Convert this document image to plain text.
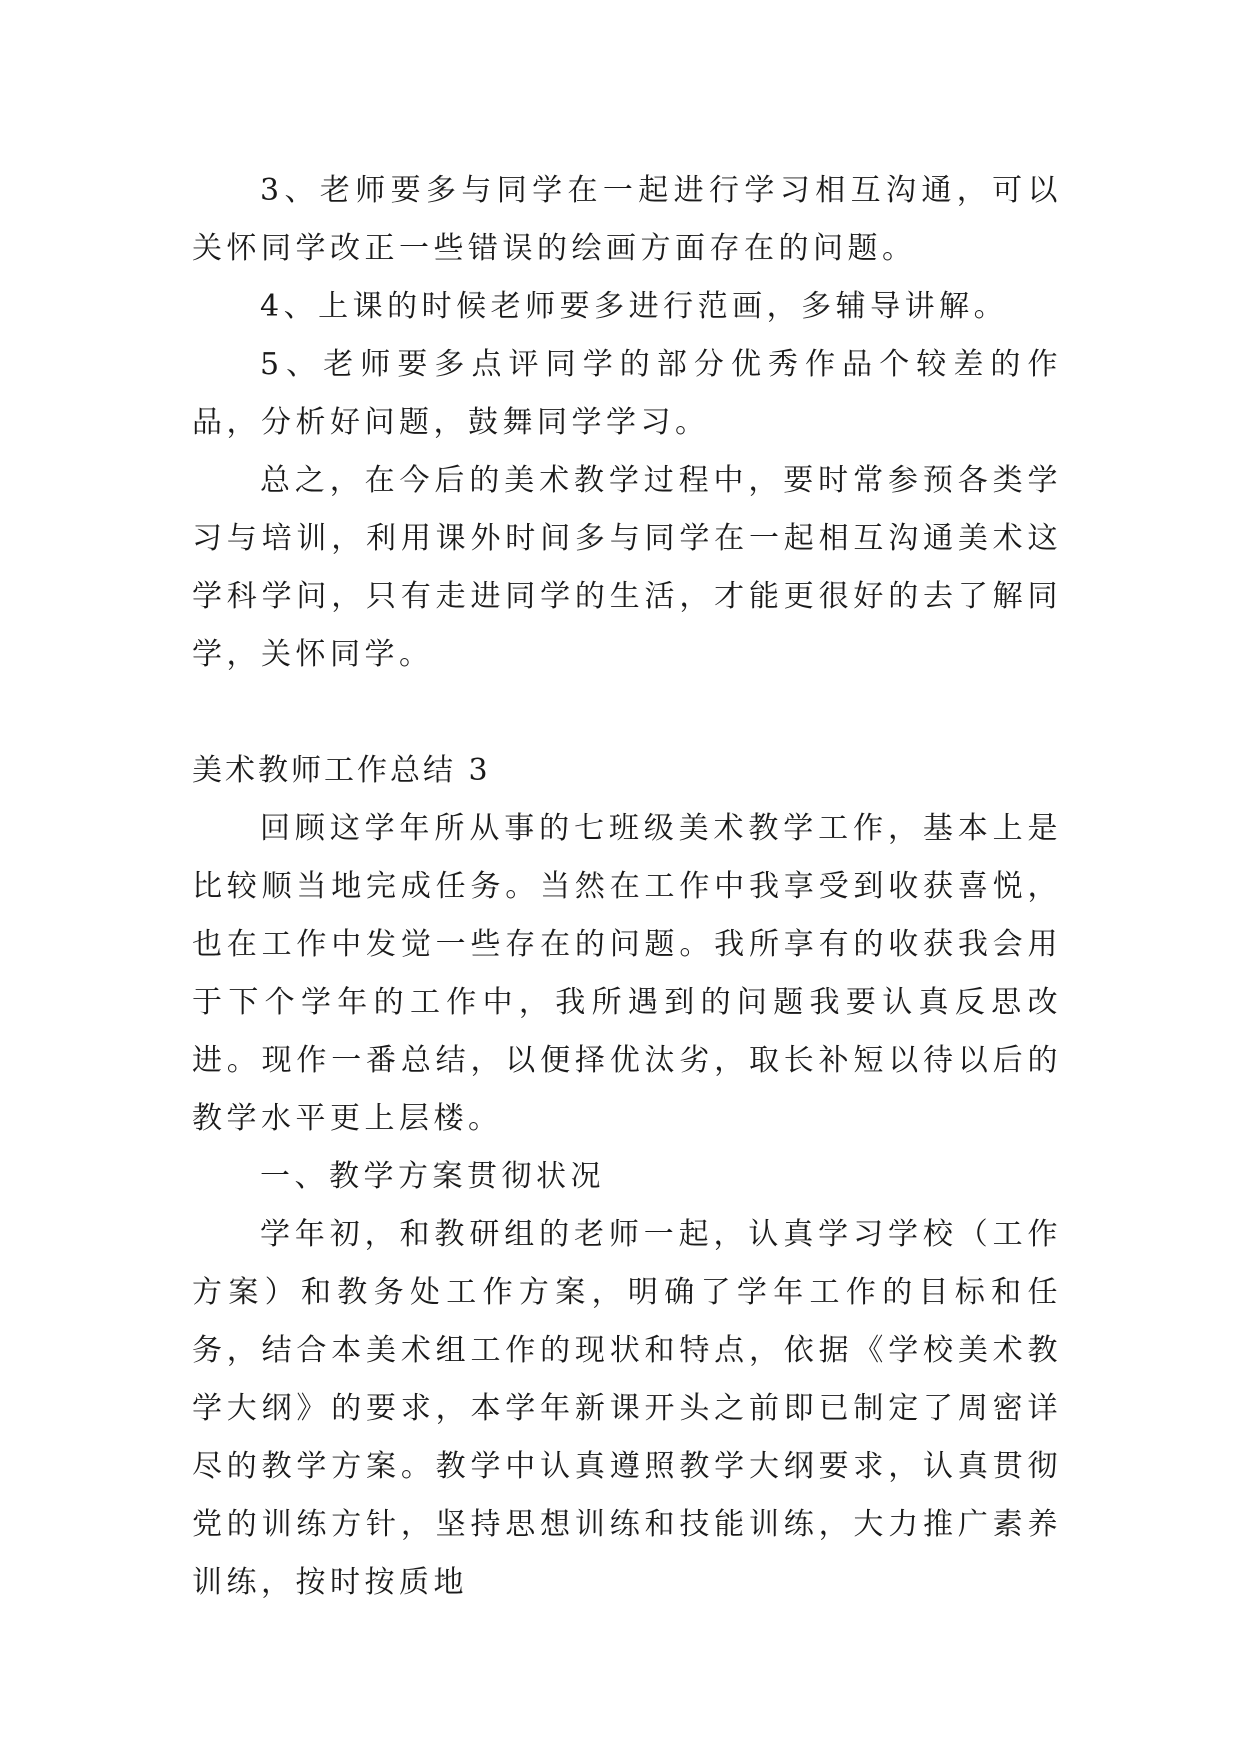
3、老师要多与同学在一起进行学习相互沟通，可以关怀同学改正一些错误的绘画方面存在的问题。

4、上课的时候老师要多进行范画，多辅导讲解。

5、老师要多点评同学的部分优秀作品个较差的作品，分析好问题，鼓舞同学学习。

总之，在今后的美术教学过程中，要时常参预各类学习与培训，利用课外时间多与同学在一起相互沟通美术这学科学问，只有走进同学的生活，才能更很好的去了解同学，关怀同学。

美术教师工作总结 3

回顾这学年所从事的七班级美术教学工作，基本上是比较顺当地完成任务。当然在工作中我享受到收获喜悦，也在工作中发觉一些存在的问题。我所享有的收获我会用于下个学年的工作中，我所遇到的问题我要认真反思改进。现作一番总结，以便择优汰劣，取长补短以待以后的教学水平更上层楼。

一、教学方案贯彻状况

学年初，和教研组的老师一起，认真学习学校（工作方案）和教务处工作方案，明确了学年工作的目标和任务，结合本美术组工作的现状和特点，依据《学校美术教学大纲》的要求，本学年新课开头之前即已制定了周密详尽的教学方案。教学中认真遵照教学大纲要求，认真贯彻党的训练方针，坚持思想训练和技能训练，大力推广素养训练，按时按质地
